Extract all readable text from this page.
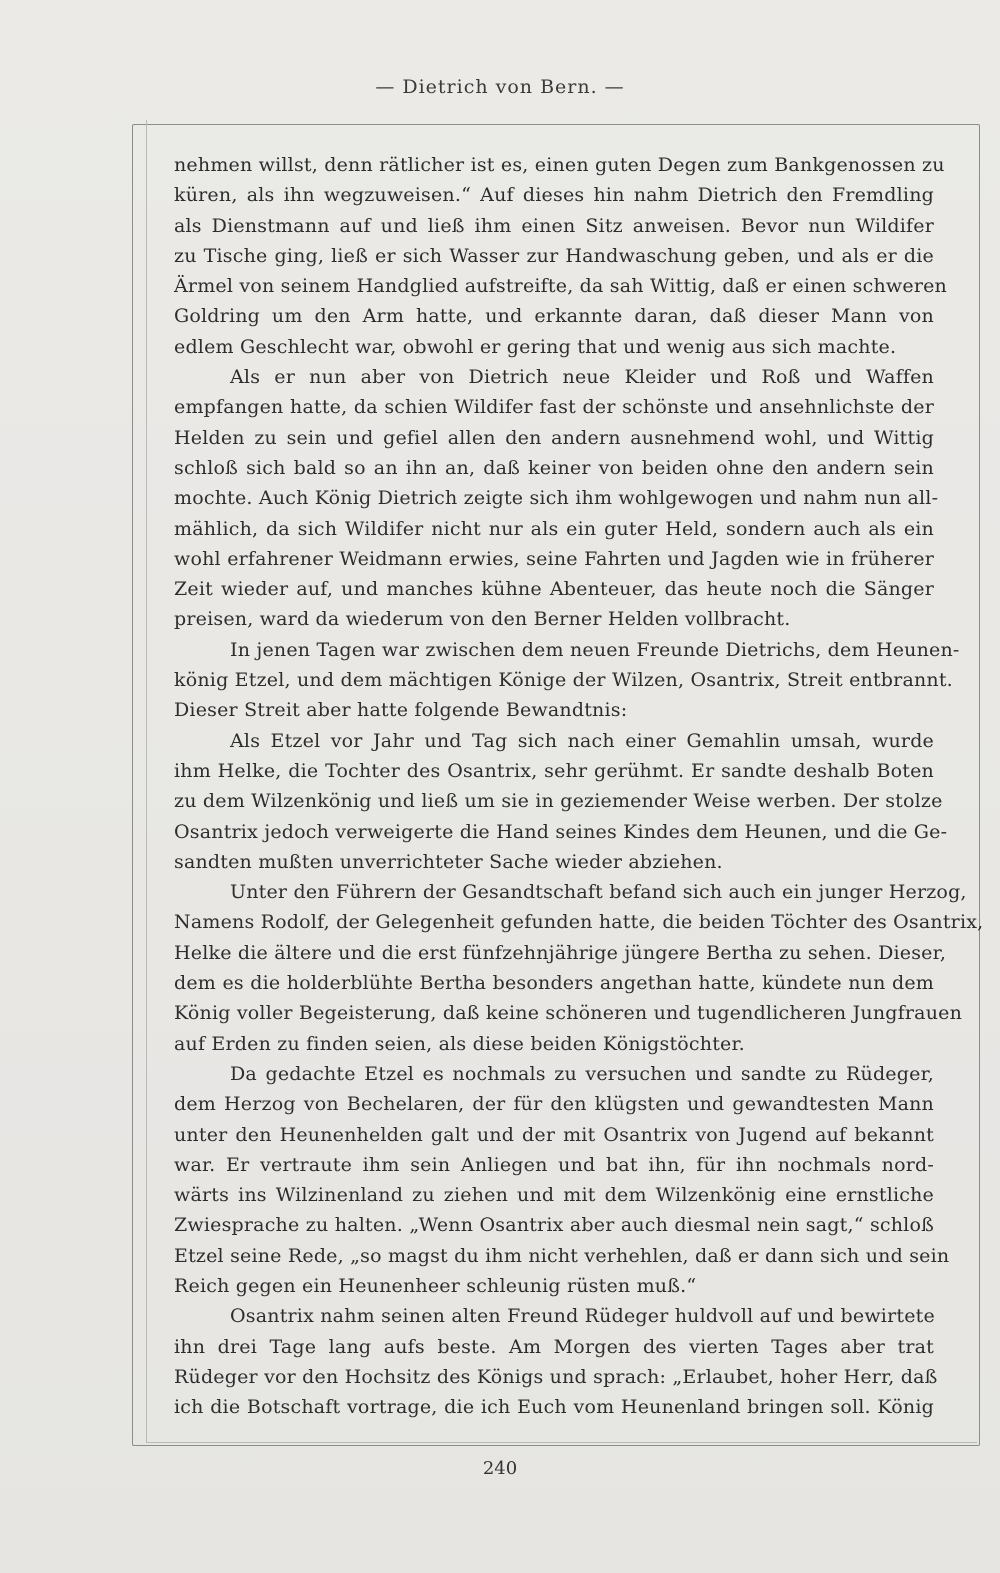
— Dietrich von Bern. —
nehmen willst, denn rätlicher ist es, einen guten Degen zum Bankgenossen zu
küren, als ihn wegzuweisen.“ Auf dieses hin nahm Dietrich den Fremdling
als Dienstmann auf und ließ ihm einen Sitz anweisen. Bevor nun Wildifer
zu Tische ging, ließ er sich Wasser zur Handwaschung geben, und als er die
Ärmel von seinem Handglied aufstreifte, da sah Wittig, daß er einen schweren
Goldring um den Arm hatte, und erkannte daran, daß dieser Mann von
edlem Geschlecht war, obwohl er gering that und wenig aus sich machte.
Als er nun aber von Dietrich neue Kleider und Roß und Waffen
empfangen hatte, da schien Wildifer fast der schönste und ansehnlichste der
Helden zu sein und gefiel allen den andern ausnehmend wohl, und Wittig
schloß sich bald so an ihn an, daß keiner von beiden ohne den andern sein
mochte. Auch König Dietrich zeigte sich ihm wohlgewogen und nahm nun all-
mählich, da sich Wildifer nicht nur als ein guter Held, sondern auch als ein
wohl erfahrener Weidmann erwies, seine Fahrten und Jagden wie in früherer
Zeit wieder auf, und manches kühne Abenteuer, das heute noch die Sänger
preisen, ward da wiederum von den Berner Helden vollbracht.
In jenen Tagen war zwischen dem neuen Freunde Dietrichs, dem Heunen-
könig Etzel, und dem mächtigen Könige der Wilzen, Osantrix, Streit entbrannt.
Dieser Streit aber hatte folgende Bewandtnis:
Als Etzel vor Jahr und Tag sich nach einer Gemahlin umsah, wurde
ihm Helke, die Tochter des Osantrix, sehr gerühmt. Er sandte deshalb Boten
zu dem Wilzenkönig und ließ um sie in geziemender Weise werben. Der stolze
Osantrix jedoch verweigerte die Hand seines Kindes dem Heunen, und die Ge-
sandten mußten unverrichteter Sache wieder abziehen.
Unter den Führern der Gesandtschaft befand sich auch ein junger Herzog,
Namens Rodolf, der Gelegenheit gefunden hatte, die beiden Töchter des Osantrix,
Helke die ältere und die erst fünfzehnjährige jüngere Bertha zu sehen. Dieser,
dem es die holderblühte Bertha besonders angethan hatte, kündete nun dem
König voller Begeisterung, daß keine schöneren und tugendlicheren Jungfrauen
auf Erden zu finden seien, als diese beiden Königstöchter.
Da gedachte Etzel es nochmals zu versuchen und sandte zu Rüdeger,
dem Herzog von Bechelaren, der für den klügsten und gewandtesten Mann
unter den Heunenhelden galt und der mit Osantrix von Jugend auf bekannt
war. Er vertraute ihm sein Anliegen und bat ihn, für ihn nochmals nord-
wärts ins Wilzinenland zu ziehen und mit dem Wilzenkönig eine ernstliche
Zwiesprache zu halten. „Wenn Osantrix aber auch diesmal nein sagt,“ schloß
Etzel seine Rede, „so magst du ihm nicht verhehlen, daß er dann sich und sein
Reich gegen ein Heunenheer schleunig rüsten muß.“
Osantrix nahm seinen alten Freund Rüdeger huldvoll auf und bewirtete
ihn drei Tage lang aufs beste. Am Morgen des vierten Tages aber trat
Rüdeger vor den Hochsitz des Königs und sprach: „Erlaubet, hoher Herr, daß
ich die Botschaft vortrage, die ich Euch vom Heunenland bringen soll. König
240
